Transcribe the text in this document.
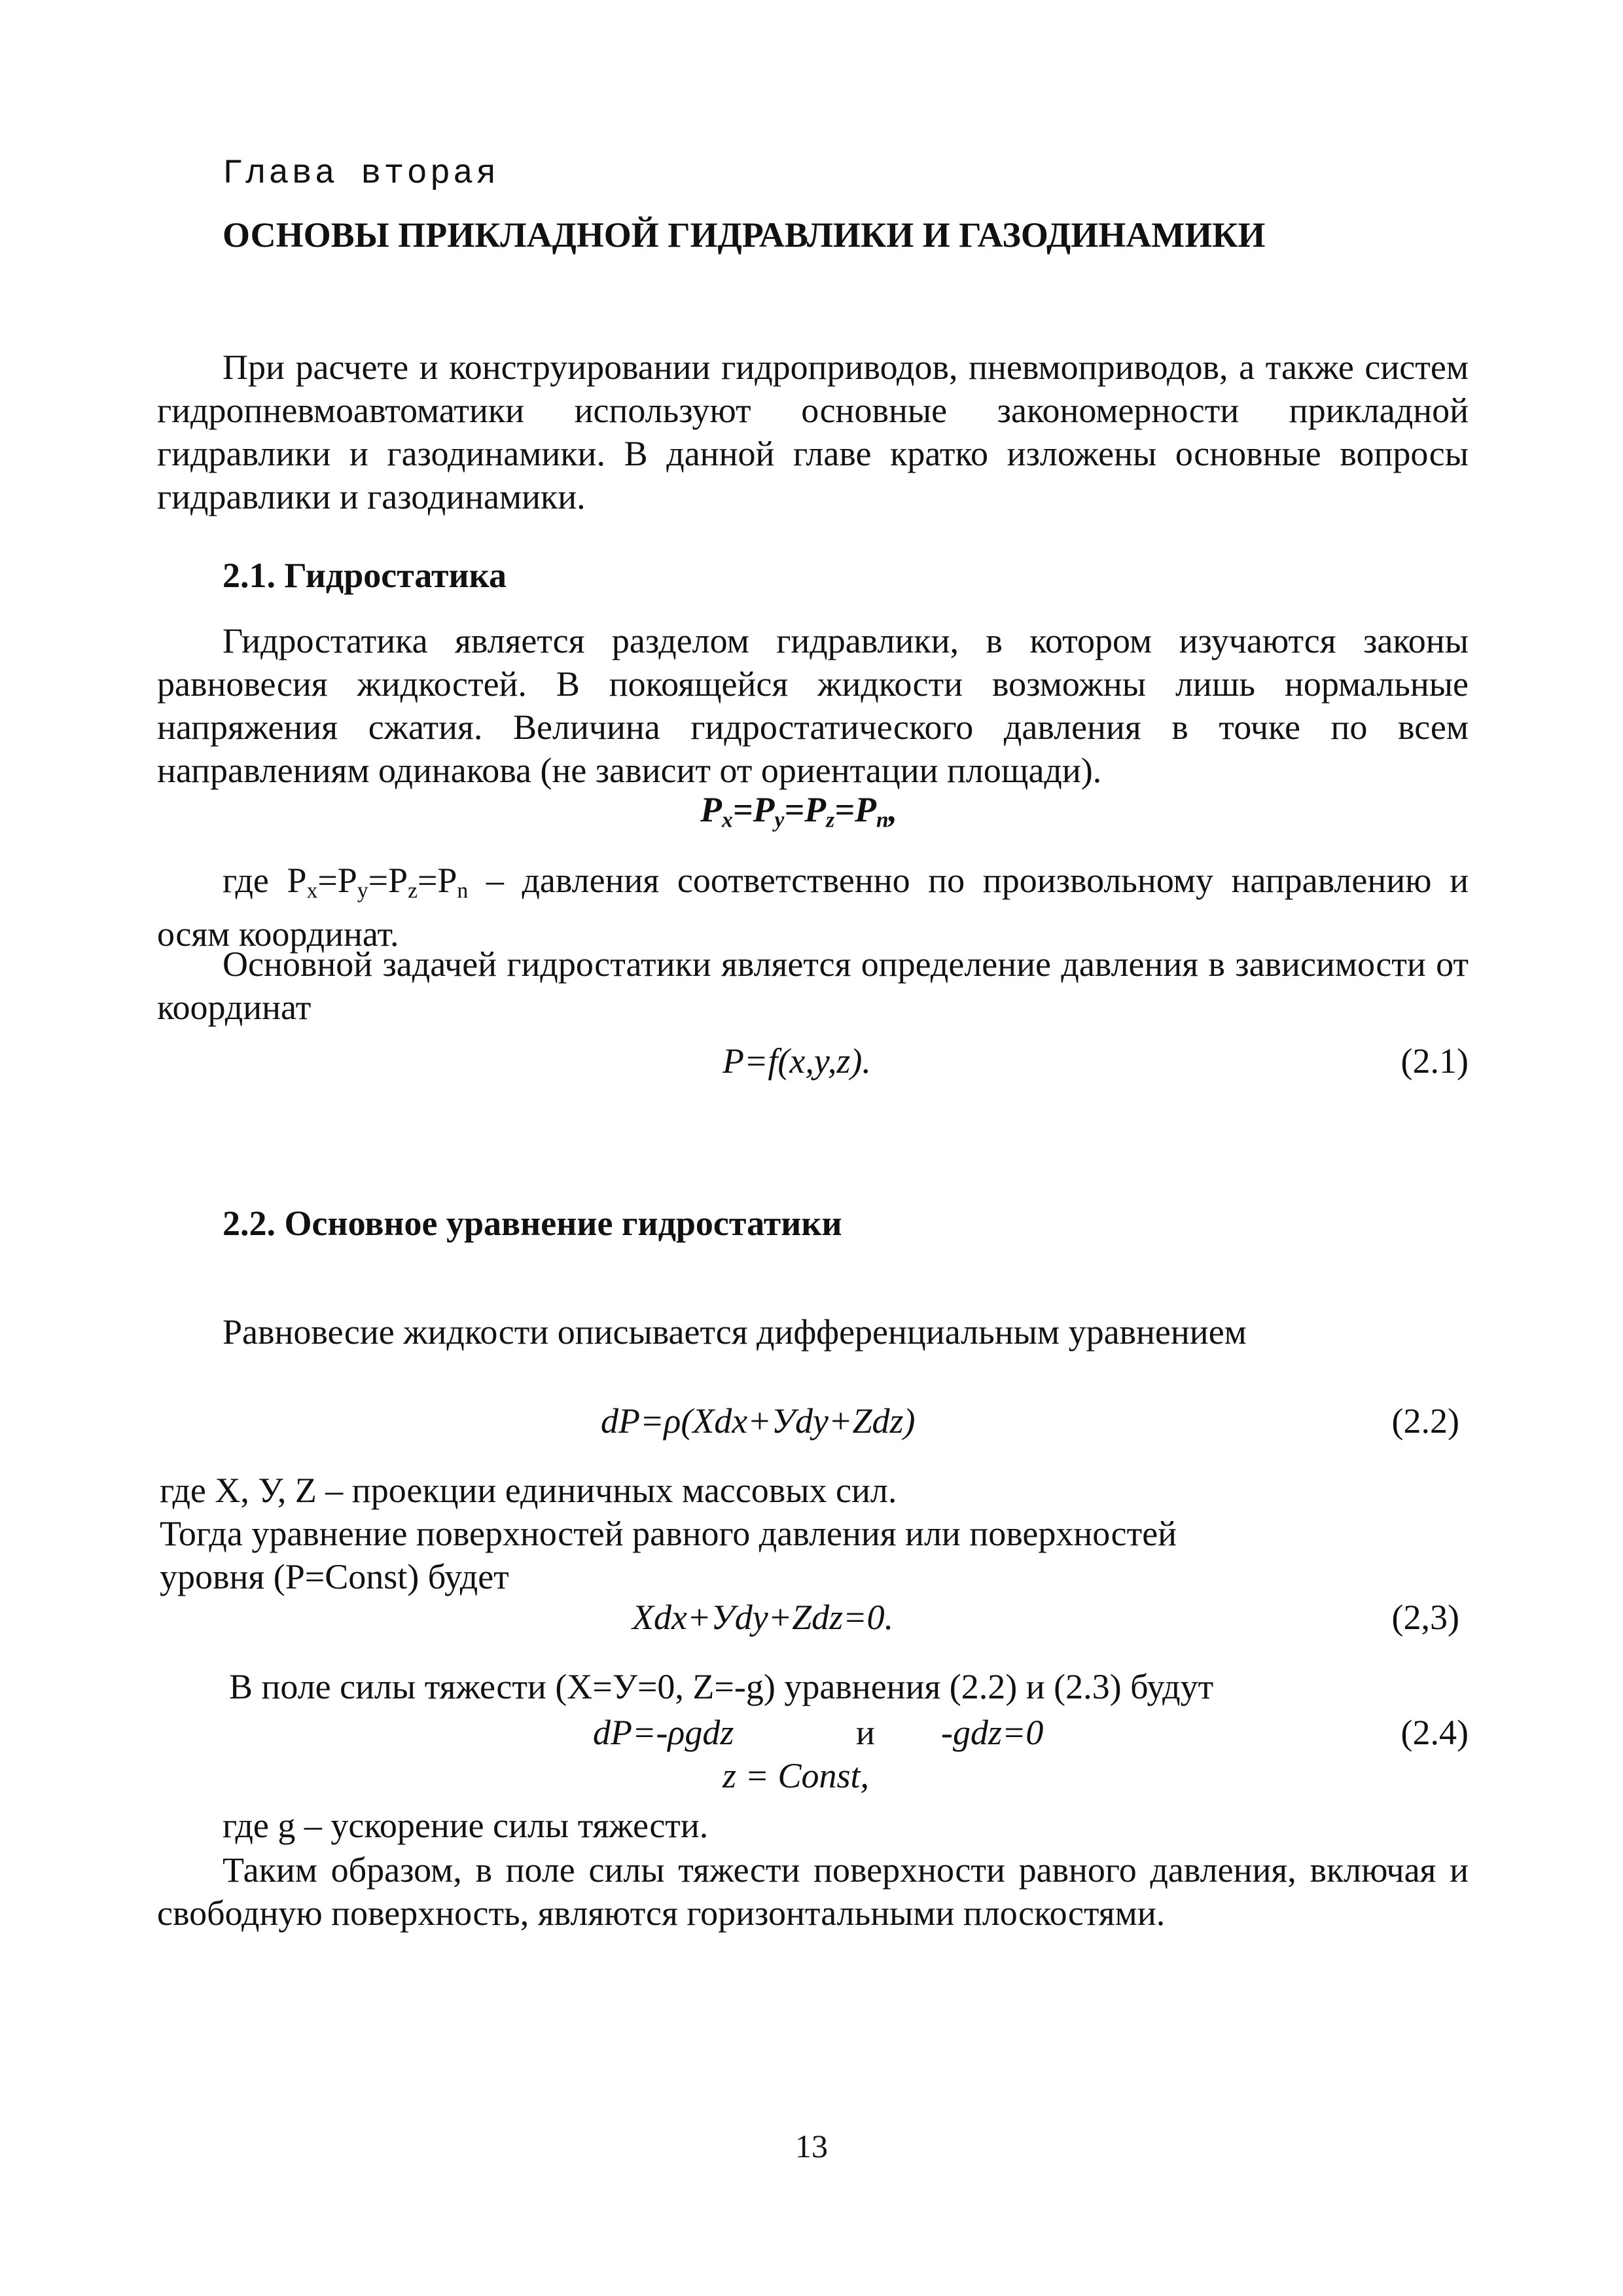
Глава вторая
ОСНОВЫ ПРИКЛАДНОЙ ГИДРАВЛИКИ И ГАЗОДИНАМИКИ
При расчете и конструировании гидроприводов, пневмоприводов, а также систем гидропневмоавтоматики используют основные закономерности прикладной гидравлики и газодинамики. В данной главе кратко изложены основные вопросы гидравлики и газодинамики.
2.1. Гидростатика
Гидростатика является разделом гидравлики, в котором изучаются законы равновесия жидкостей. В покоящейся жидкости возможны лишь нормальные напряжения сжатия. Величина гидростатического давления в точке по всем направлениям одинакова (не зависит от ориентации площади).
$P_x=P_y=P_z=P_n$,
где $P_x=P_y=P_z=P_n$ – давления соответственно по произвольному направлению и осям координат.
Основной задачей гидростатики является определение давления в зависимости от координат
P=f(x,y,z).	(2.1)
2.2. Основное уравнение гидростатики
Равновесие жидкости описывается дифференциальным уравнением
dP=ρ(Xdx+Уdy+Zdz)	(2.2)
где X, У, Z – проекции единичных массовых сил.
Тогда уравнение поверхностей равного давления или поверхностей
уровня (P=Const) будет
Xdx+Уdy+Zdz=0.	(2,3)
В поле силы тяжести (X=У=0, Z=-g) уравнения (2.2) и (2.3) будут
dP=-ρgdz	и -gdz=0	(2.4)
z = Const,
где g – ускорение силы тяжести.
Таким образом, в поле силы тяжести поверхности равного давления, включая и свободную поверхность, являются горизонтальными плоскостями.
13
